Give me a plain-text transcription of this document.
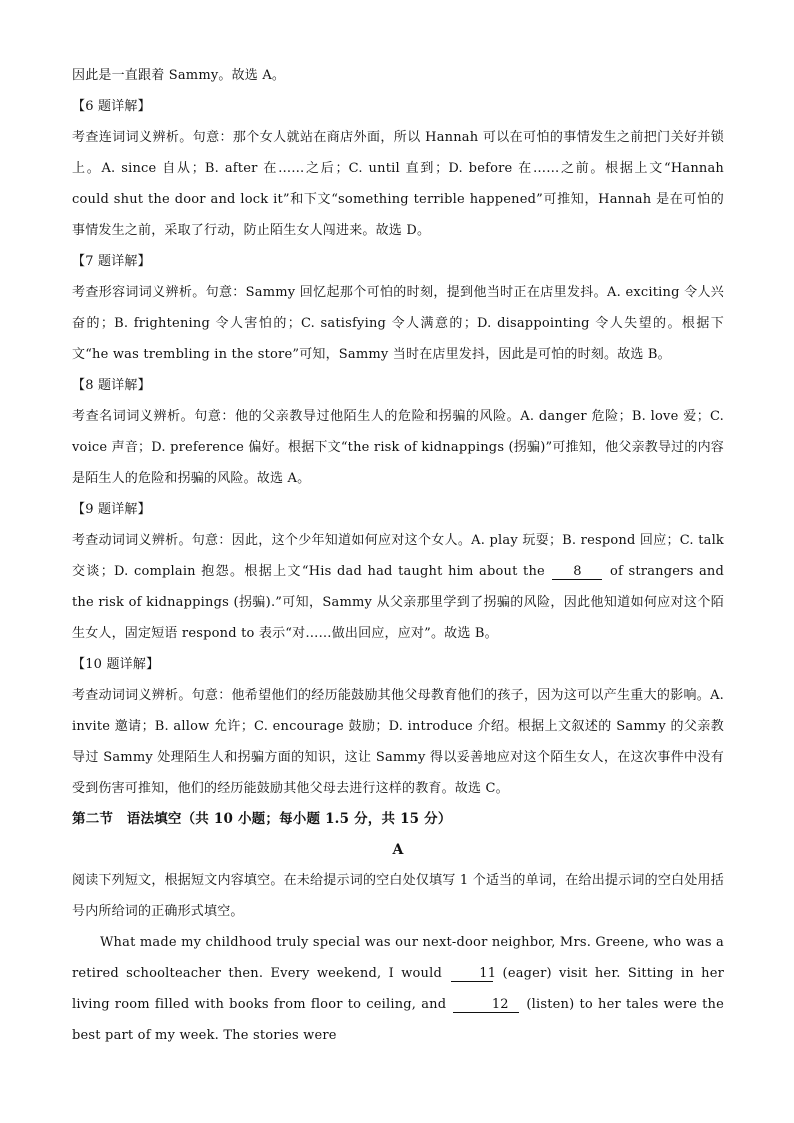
因此是一直跟着 Sammy。故选 A。

【6 题详解】

考查连词词义辨析。句意：那个女人就站在商店外面，所以 Hannah 可以在可怕的事情发生之前把门关好并锁上。A. since 自从；B. after 在……之后；C. until 直到；D. before 在……之前。根据上文“Hannah could shut the door and lock it”和下文“something terrible happened”可推知，Hannah 是在可怕的事情发生之前，采取了行动，防止陌生女人闯进来。故选 D。

【7 题详解】

考查形容词词义辨析。句意：Sammy 回忆起那个可怕的时刻，提到他当时正在店里发抖。A. exciting 令人兴奋的；B. frightening 令人害怕的；C. satisfying 令人满意的；D. disappointing 令人失望的。根据下文“he was trembling in the store”可知，Sammy 当时在店里发抖，因此是可怕的时刻。故选 B。

【8 题详解】

考查名词词义辨析。句意：他的父亲教导过他陌生人的危险和拐骗的风险。A. danger 危险；B. love 爱；C. voice 声音；D. preference 偏好。根据下文“the risk of kidnappings (拐骗)”可推知，他父亲教导过的内容是陌生人的危险和拐骗的风险。故选 A。

【9 题详解】

考查动词词义辨析。句意：因此，这个少年知道如何应对这个女人。A. play 玩耍；B. respond 回应；C. talk 交谈；D. complain 抱怨。根据上文“His dad had taught him about the 8 of strangers and the risk of kidnappings (拐骗).”可知，Sammy 从父亲那里学到了拐骗的风险，因此他知道如何应对这个陌生女人，固定短语 respond to 表示“对……做出回应，应对”。故选 B。

【10 题详解】

考查动词词义辨析。句意：他希望他们的经历能鼓励其他父母教育他们的孩子，因为这可以产生重大的影响。A. invite 邀请；B. allow 允许；C. encourage 鼓励；D. introduce 介绍。根据上文叙述的 Sammy 的父亲教导过 Sammy 处理陌生人和拐骗方面的知识，这让 Sammy 得以妥善地应对这个陌生女人，在这次事件中没有受到伤害可推知，他们的经历能鼓励其他父母去进行这样的教育。故选 C。

第二节　语法填空（共 10 小题；每小题 1.5 分，共 15 分）

A

阅读下列短文，根据短文内容填空。在未给提示词的空白处仅填写 1 个适当的单词，在给出提示词的空白处用括号内所给词的正确形式填空。

What made my childhood truly special was our next-door neighbor, Mrs. Greene, who was a retired schoolteacher then. Every weekend, I would 11 (eager) visit her. Sitting in her living room filled with books from floor to ceiling, and	12 (listen) to her tales were the best part of my week. The stories were
